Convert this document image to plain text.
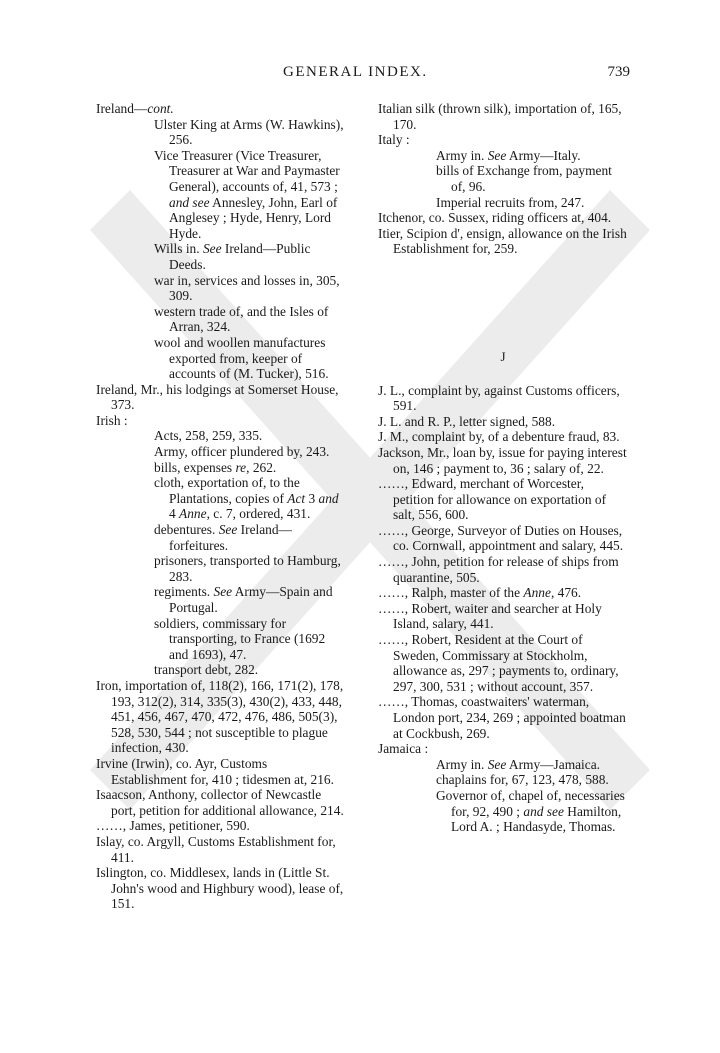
GENERAL INDEX.	739

Ireland—cont.

Ulster King at Arms (W. Hawkins), 256.

Vice Treasurer (Vice Treasurer, Treasurer at War and Paymaster General), accounts of, 41, 573 ; and see Annesley, John, Earl of Anglesey ; Hyde, Henry, Lord Hyde.

Wills in. See Ireland—Public Deeds.

war in, services and losses in, 305, 309.

western trade of, and the Isles of Arran, 324.

wool and woollen manufactures exported from, keeper of accounts of (M. Tucker), 516.

Ireland, Mr., his lodgings at Somerset House, 373.

Irish :

Acts, 258, 259, 335.

Army, officer plundered by, 243.

bills, expenses re, 262.

cloth, exportation of, to the Plantations, copies of Act 3 and 4 Anne, c. 7, ordered, 431.

debentures. See Ireland—forfeitures.

prisoners, transported to Hamburg, 283.

regiments. See Army—Spain and Portugal.

soldiers, commissary for transporting, to France (1692 and 1693), 47.

transport debt, 282.

Iron, importation of, 118(2), 166, 171(2), 178, 193, 312(2), 314, 335(3), 430(2), 433, 448, 451, 456, 467, 470, 472, 476, 486, 505(3), 528, 530, 544 ; not susceptible to plague infection, 430.

Irvine (Irwin), co. Ayr, Customs Establishment for, 410 ; tidesmen at, 216.

Isaacson, Anthony, collector of Newcastle port, petition for additional allowance, 214.

……, James, petitioner, 590.

Islay, co. Argyll, Customs Establishment for, 411.

Islington, co. Middlesex, lands in (Little St. John's wood and Highbury wood), lease of, 151.

Italian silk (thrown silk), importation of, 165, 170.

Italy :

Army in. See Army—Italy.

bills of Exchange from, payment of, 96.

Imperial recruits from, 247.

Itchenor, co. Sussex, riding officers at, 404.

Itier, Scipion d', ensign, allowance on the Irish Establishment for, 259.

J

J. L., complaint by, against Customs officers, 591.

J. L. and R. P., letter signed, 588.

J. M., complaint by, of a debenture fraud, 83.

Jackson, Mr., loan by, issue for paying interest on, 146 ; payment to, 36 ; salary of, 22.

……, Edward, merchant of Worcester, petition for allowance on exportation of salt, 556, 600.

……, George, Surveyor of Duties on Houses, co. Cornwall, appointment and salary, 445.

……, John, petition for release of ships from quarantine, 505.

……, Ralph, master of the Anne, 476.

……, Robert, waiter and searcher at Holy Island, salary, 441.

……, Robert, Resident at the Court of Sweden, Commissary at Stockholm, allowance as, 297 ; payments to, ordinary, 297, 300, 531 ; without account, 357.

……, Thomas, coastwaiters' waterman, London port, 234, 269 ; appointed boatman at Cockbush, 269.

Jamaica :

Army in. See Army—Jamaica.

chaplains for, 67, 123, 478, 588.

Governor of, chapel of, necessaries for, 92, 490 ; and see Hamilton, Lord A. ; Handasyde, Thomas.
